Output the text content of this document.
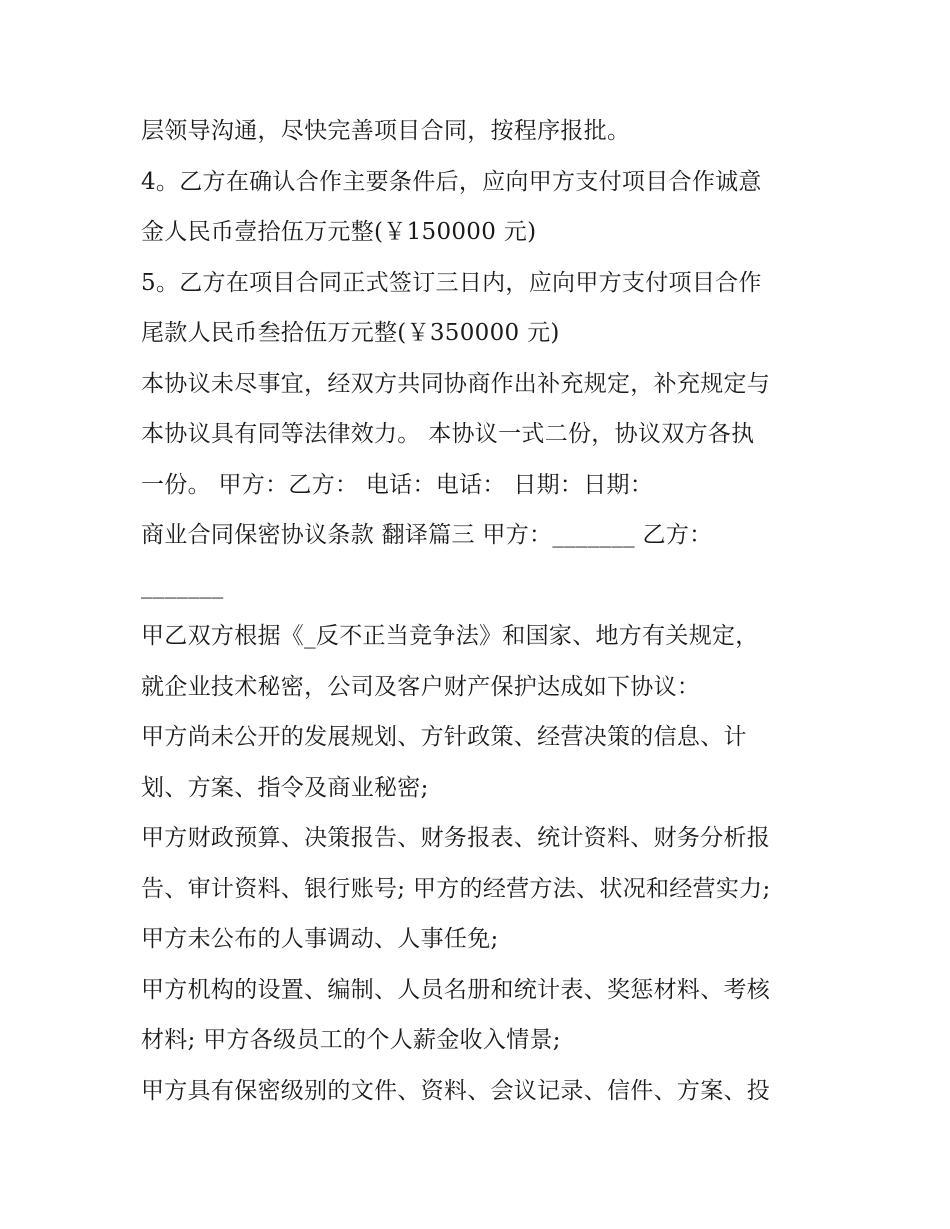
层领导沟通，尽快完善项目合同，按程序报批。
4。乙方在确认合作主要条件后，应向甲方支付项目合作诚意
金人民币壹拾伍万元整(￥150000 元)
5。乙方在项目合同正式签订三日内，应向甲方支付项目合作
尾款人民币叁拾伍万元整(￥350000 元)
本协议未尽事宜，经双方共同协商作出补充规定，补充规定与
本协议具有同等法律效力。 本协议一式二份，协议双方各执
一份。 甲方：乙方： 电话：电话： 日期：日期：
商业合同保密协议条款 翻译篇三 甲方：_______ 乙方：
_______
甲乙双方根据《_反不正当竞争法》和国家、地方有关规定，
就企业技术秘密，公司及客户财产保护达成如下协议：
甲方尚未公开的发展规划、方针政策、经营决策的信息、计
划、方案、指令及商业秘密;
甲方财政预算、决策报告、财务报表、统计资料、财务分析报
告、审计资料、银行账号; 甲方的经营方法、状况和经营实力;
甲方未公布的人事调动、人事任免;
甲方机构的设置、编制、人员名册和统计表、奖惩材料、考核
材料; 甲方各级员工的个人薪金收入情景;
甲方具有保密级别的文件、资料、会议记录、信件、方案、投
